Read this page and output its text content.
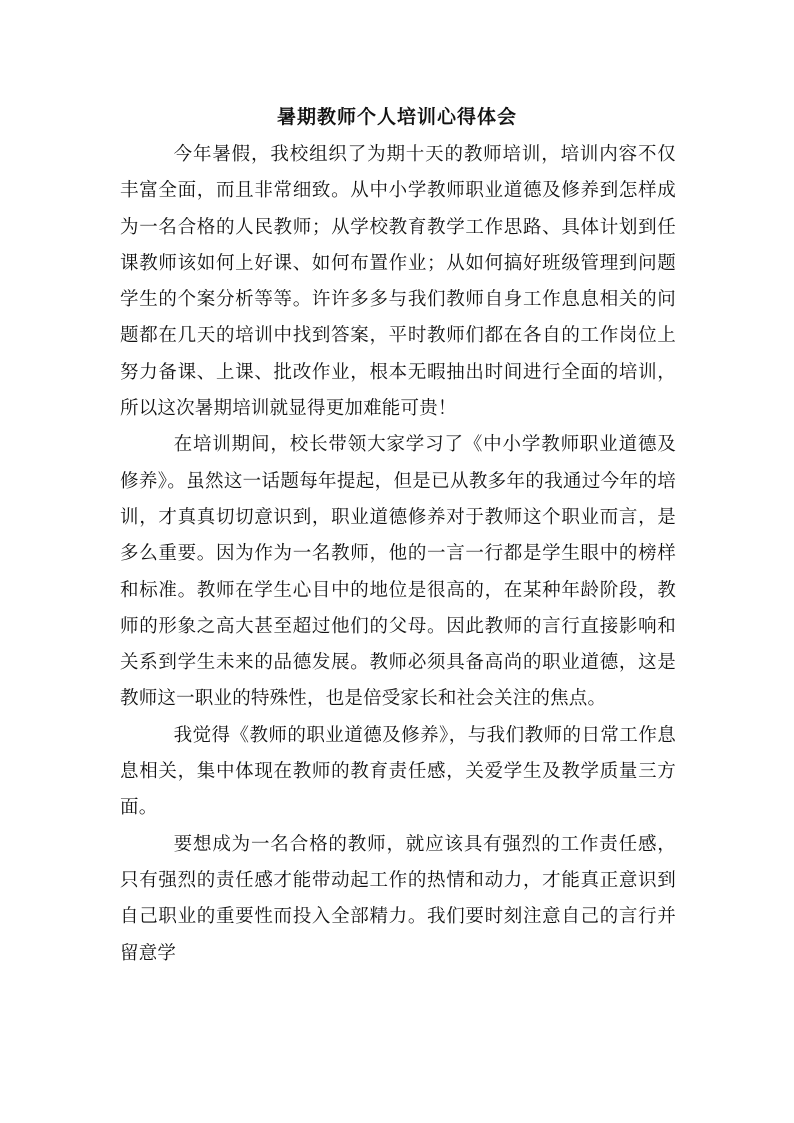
暑期教师个人培训心得体会

今年暑假，我校组织了为期十天的教师培训，培训内容不仅丰富全面，而且非常细致。从中小学教师职业道德及修养到怎样成为一名合格的人民教师；从学校教育教学工作思路、具体计划到任课教师该如何上好课、如何布置作业；从如何搞好班级管理到问题学生的个案分析等等。许许多多与我们教师自身工作息息相关的问题都在几天的培训中找到答案，平时教师们都在各自的工作岗位上努力备课、上课、批改作业，根本无暇抽出时间进行全面的培训，所以这次暑期培训就显得更加难能可贵！

在培训期间，校长带领大家学习了《中小学教师职业道德及修养》。虽然这一话题每年提起，但是已从教多年的我通过今年的培训，才真真切切意识到，职业道德修养对于教师这个职业而言，是多么重要。因为作为一名教师，他的一言一行都是学生眼中的榜样和标准。教师在学生心目中的地位是很高的，在某种年龄阶段，教师的形象之高大甚至超过他们的父母。因此教师的言行直接影响和关系到学生未来的品德发展。教师必须具备高尚的职业道德，这是教师这一职业的特殊性，也是倍受家长和社会关注的焦点。

我觉得《教师的职业道德及修养》，与我们教师的日常工作息息相关，集中体现在教师的教育责任感，关爱学生及教学质量三方面。

要想成为一名合格的教师，就应该具有强烈的工作责任感，只有强烈的责任感才能带动起工作的热情和动力，才能真正意识到自己职业的重要性而投入全部精力。我们要时刻注意自己的言行并留意学
